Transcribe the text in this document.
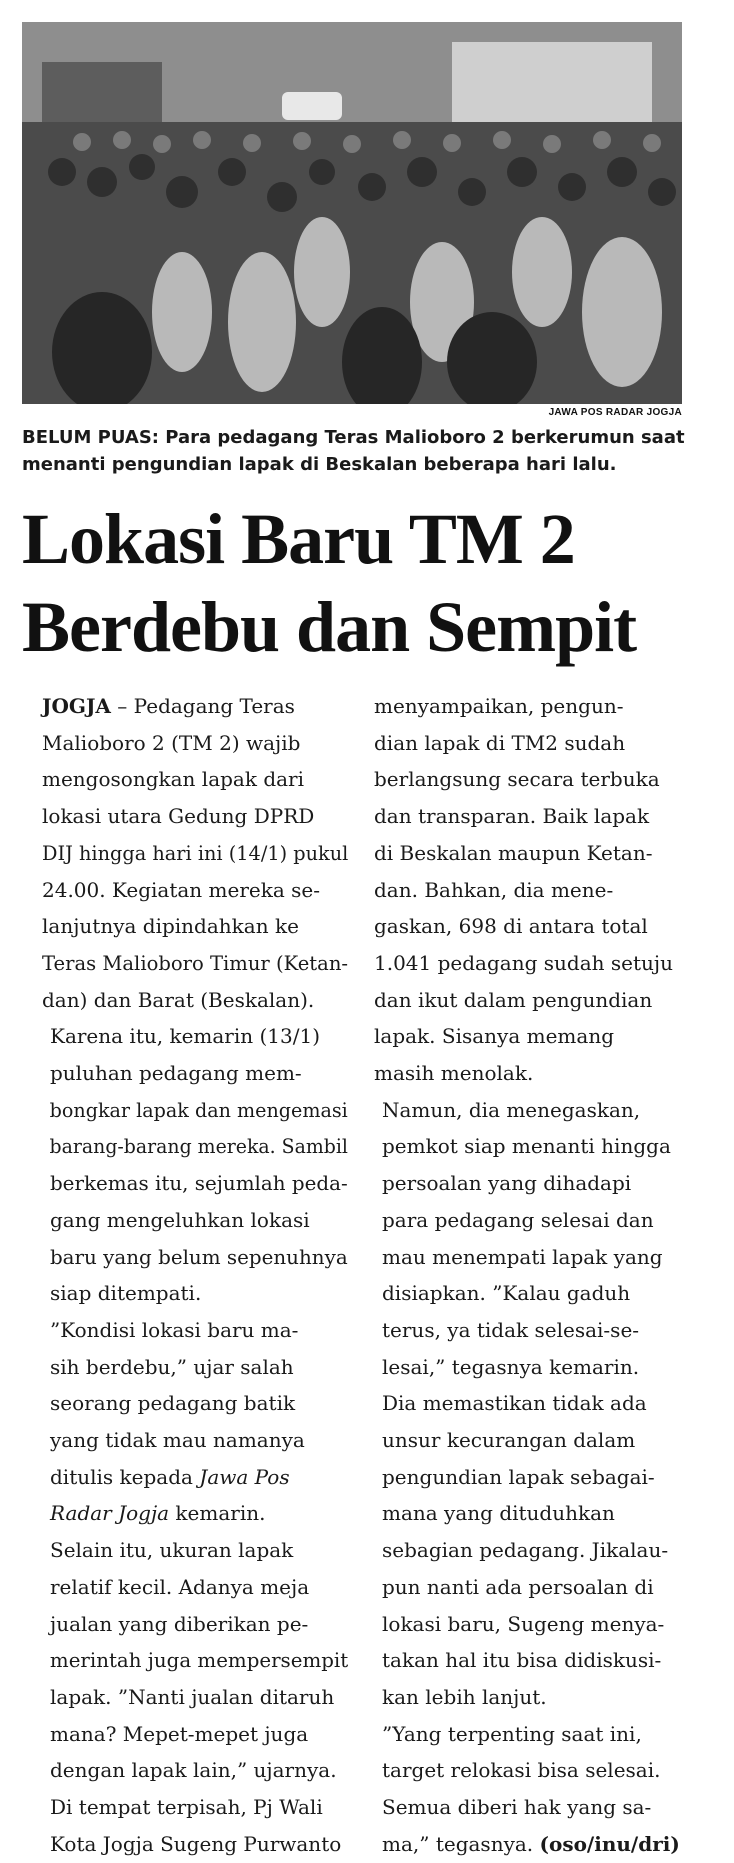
JAWA POS RADAR JOGJA
BELUM PUAS: Para pedagang Teras Malioboro 2 berkerumun saat
menanti pengundian lapak di Beskalan beberapa hari lalu.
Lokasi Baru TM 2
Berdebu dan Sempit

JOGJA – Pedagang Teras
Malioboro 2 (TM 2) wajib
mengosongkan lapak dari
lokasi utara Gedung DPRD
DIJ hingga hari ini (14/1) pukul
24.00. Kegiatan mereka se-
lanjutnya dipindahkan ke
Teras Malioboro Timur (Ketan-
dan) dan Barat (Beskalan).

Karena itu, kemarin (13/1)
puluhan pedagang mem-
bongkar lapak dan mengemasi
barang-barang mereka. Sambil
berkemas itu, sejumlah peda-
gang mengeluhkan lokasi
baru yang belum sepenuhnya
siap ditempati.

”Kondisi lokasi baru ma-
sih berdebu,” ujar salah
seorang pedagang batik
yang tidak mau namanya
ditulis kepada Jawa Pos
Radar Jogja kemarin.

Selain itu, ukuran lapak
relatif kecil. Adanya meja
jualan yang diberikan pe-
merintah juga mempersempit
lapak. ”Nanti jualan ditaruh
mana? Mepet-mepet juga
dengan lapak lain,” ujarnya.

Di tempat terpisah, Pj Wali
Kota Jogja Sugeng Purwanto

menyampaikan, pengun-
dian lapak di TM2 sudah
berlangsung secara terbuka
dan transparan. Baik lapak
di Beskalan maupun Ketan-
dan. Bahkan, dia mene-
gaskan, 698 di antara total
1.041 pedagang sudah setuju
dan ikut dalam pengundian
lapak. Sisanya memang
masih menolak.

Namun, dia menegaskan,
pemkot siap menanti hingga
persoalan yang dihadapi
para pedagang selesai dan
mau menempati lapak yang
disiapkan. ”Kalau gaduh
terus, ya tidak selesai-se-
lesai,” tegasnya kemarin.

Dia memastikan tidak ada
unsur kecurangan dalam
pengundian lapak sebagai-
mana yang dituduhkan
sebagian pedagang. Jikalau-
pun nanti ada persoalan di
lokasi baru, Sugeng menya-
takan hal itu bisa didiskusi-
kan lebih lanjut.

”Yang terpenting saat ini,
target relokasi bisa selesai.
Semua diberi hak yang sa-
ma,” tegasnya. (oso/inu/dri)
